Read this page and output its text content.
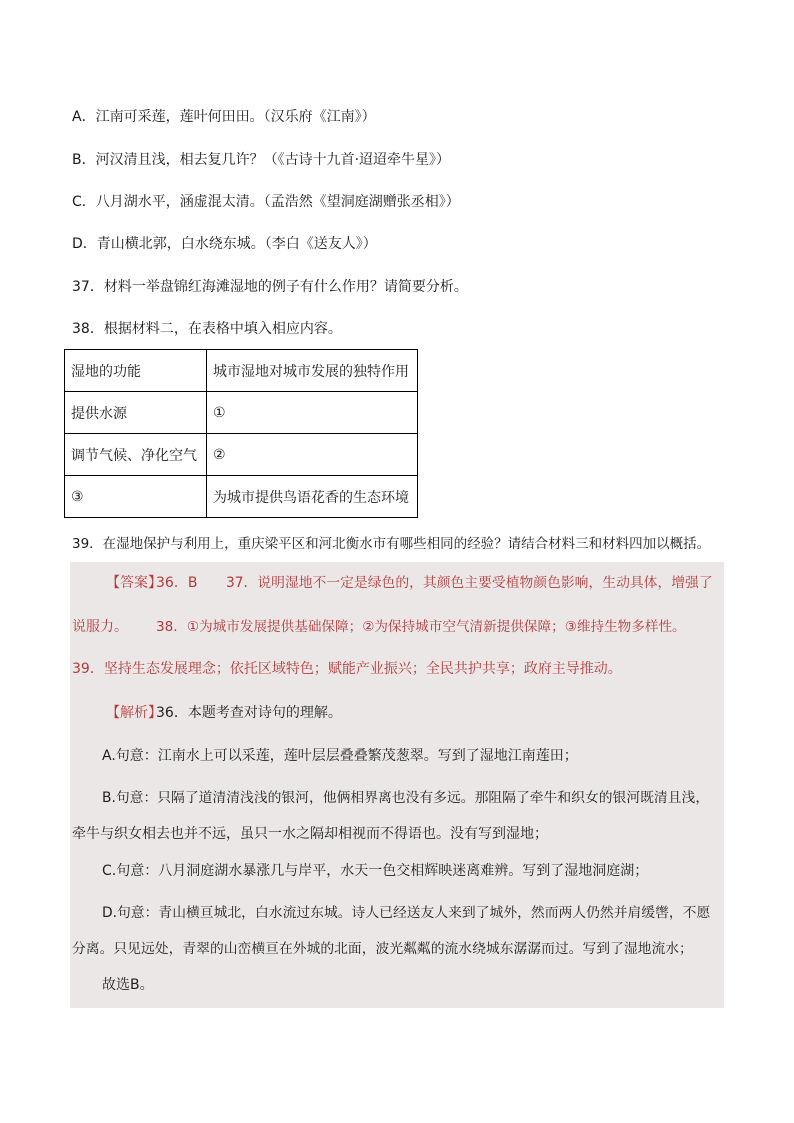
A．江南可采莲，莲叶何田田。（汉乐府《江南》）
B．河汉清且浅，相去复几许？（《古诗十九首·迢迢牵牛星》）
C．八月湖水平，涵虚混太清。（孟浩然《望洞庭湖赠张丞相》）
D．青山横北郭，白水绕东城。（李白《送友人》）
37．材料一举盘锦红海滩湿地的例子有什么作用？请简要分析。
38．根据材料二，在表格中填入相应内容。
湿地的功能	城市湿地对城市发展的独特作用
提供水源	①
调节气候、净化空气	②
③	为城市提供鸟语花香的生态环境
39．在湿地保护与利用上，重庆梁平区和河北衡水市有哪些相同的经验？请结合材料三和材料四加以概括。
【答案】
36．B 37．说明湿地不一定是绿色的，其颜色主要受植物颜色影响，生动具体，增强了
说服力。 38．①为城市发展提供基础保障；②为保持城市空气清新提供保障；③维持生物多样性。
39．坚持生态发展理念；依托区域特色；赋能产业振兴；全民共护共享；政府主导推动。
【解析】
36．本题考查对诗句的理解。
A.句意：江南水上可以采莲，莲叶层层叠叠繁茂葱翠。写到了湿地江南莲田；
B.句意：只隔了道清清浅浅的银河，他俩相界离也没有多远。那阻隔了牵牛和织女的银河既清且浅，
牵牛与织女相去也并不远，虽只一水之隔却相视而不得语也。没有写到湿地；
C.句意：八月洞庭湖水暴涨几与岸平，水天一色交相辉映迷离难辨。写到了湿地洞庭湖；
D.句意：青山横亘城北，白水流过东城。诗人已经送友人来到了城外，然而两人仍然并肩缓辔，不愿
分离。只见远处，青翠的山峦横亘在外城的北面，波光粼粼的流水绕城东潺潺而过。写到了湿地流水；
故选B。
